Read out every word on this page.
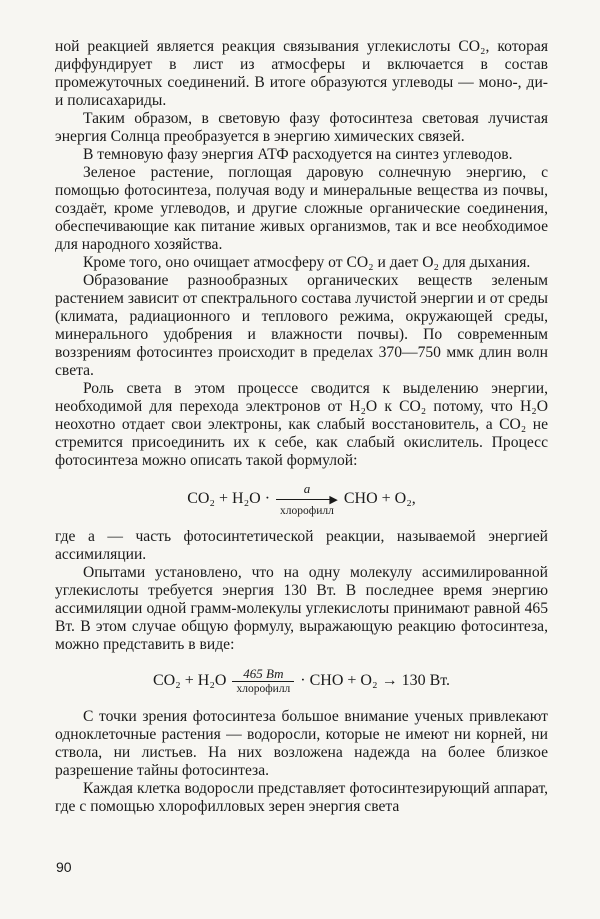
ной реакцией является реакция связывания углекислоты CO₂, которая диффундирует в лист из атмосферы и включается в состав промежуточных соединений. В итоге образуются углеводы — моно-, ди- и полисахариды.

Таким образом, в световую фазу фотосинтеза световая лучистая энергия Солнца преобразуется в энергию химических связей.

В темновую фазу энергия АТФ расходуется на синтез углеводов.

Зеленое растение, поглощая даровую солнечную энергию, с помощью фотосинтеза, получая воду и минеральные вещества из почвы, создаёт, кроме углеводов, и другие сложные органические соединения, обеспечивающие как питание живых организмов, так и все необходимое для народного хозяйства.

Кроме того, оно очищает атмосферу от CO₂ и дает O₂ для дыхания.

Образование разнообразных органических веществ зеленым растением зависит от спектрального состава лучистой энергии и от среды (климата, радиационного и теплового режима, окружающей среды, минерального удобрения и влажности почвы). По современным воззрениям фотосинтез происходит в пределах 370—750 ммк длин волн света.

Роль света в этом процессе сводится к выделению энергии, необходимой для перехода электронов от H₂O к CO₂ потому, что H₂O неохотно отдает свои электроны, как слабый восстановитель, а CO₂ не стремится присоединить их к себе, как слабый окислитель. Процесс фотосинтеза можно описать такой формулой:

CO₂ + H₂O ·
a
▶
хлорофилл
CHO + O₂,

где a — часть фотосинтетической реакции, называемой энергией ассимиляции.

Опытами установлено, что на одну молекулу ассимилированной углекислоты требуется энергия 130 Вт. В последнее время энергию ассимиляции одной грамм-молекулы углекислоты принимают равной 465 Вт. В этом случае общую формулу, выражающую реакцию фотосинтеза, можно представить в виде:

$CO_2 + H_2O \frac{465 Вт}{\text{хлорофилл}}$ · CHO + O₂ → 130 Вт.

С точки зрения фотосинтеза большое внимание ученых привлекают одноклеточные растения — водоросли, которые не имеют ни корней, ни ствола, ни листьев. На них возложена надежда на более близкое разрешение тайны фотосинтеза.

Каждая клетка водоросли представляет фотосинтезирующий аппарат, где с помощью хлорофилловых зерен энергия света

90
